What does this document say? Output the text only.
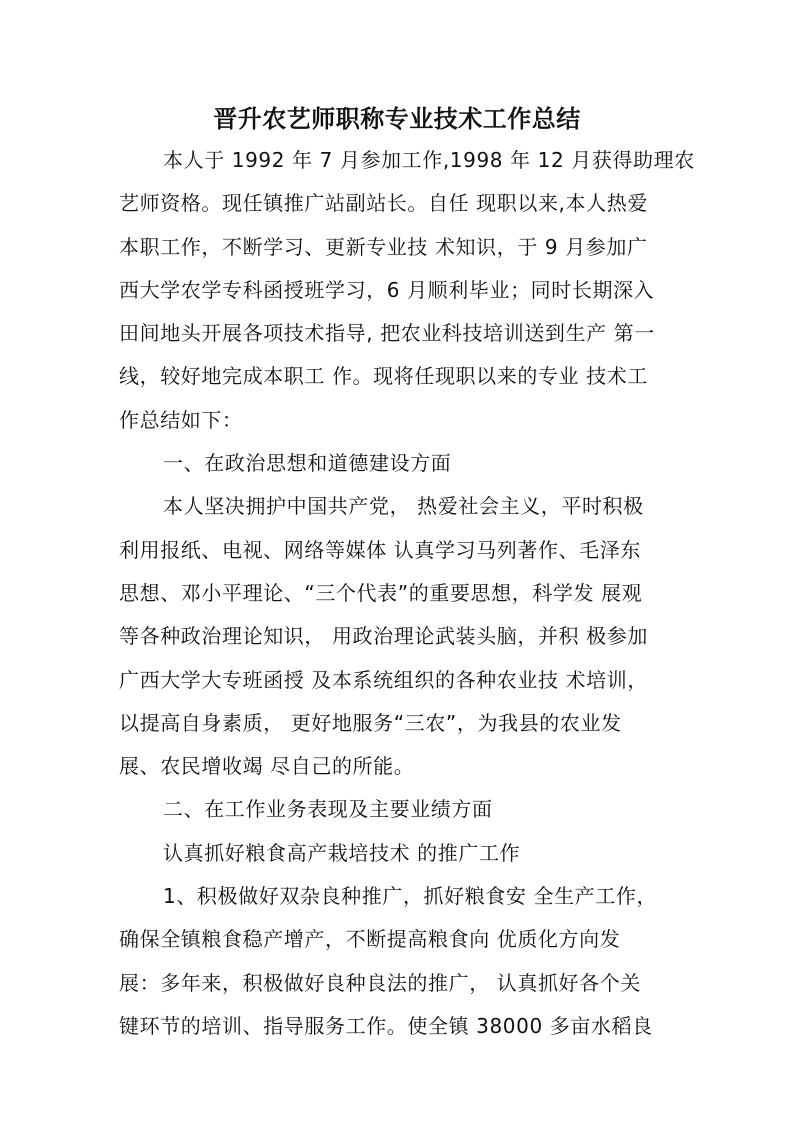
晋升农艺师职称专业技术工作总结
本人于 1992 年 7 月参加工作,1998 年 12 月获得助理农
艺师资格。现任镇推广站副站长。自任 现职以来,本人热爱
本职工作，不断学习、更新专业技 术知识，于 9 月参加广
西大学农学专科函授班学习，6 月顺利毕业；同时长期深入
田间地头开展各项技术指导, 把农业科技培训送到生产 第一
线，较好地完成本职工 作。现将任现职以来的专业 技术工
作总结如下：
一、在政治思想和道德建设方面
本人坚决拥护中国共产党， 热爱社会主义，平时积极
利用报纸、电视、网络等媒体 认真学习马列著作、毛泽东
思想、邓小平理论、“三个代表”的重要思想，科学发 展观
等各种政治理论知识， 用政治理论武装头脑，并积 极参加
广西大学大专班函授 及本系统组织的各种农业技 术培训，
以提高自身素质， 更好地服务“三农”，为我县的农业发
展、农民增收竭 尽自己的所能。
二、在工作业务表现及主要业绩方面
认真抓好粮食高产栽培技术 的推广工作
1、积极做好双杂良种推广，抓好粮食安 全生产工作，
确保全镇粮食稳产增产，不断提高粮食向 优质化方向发
展：多年来，积极做好良种良法的推广， 认真抓好各个关
键环节的培训、指导服务工作。使全镇 38000 多亩水稻良
